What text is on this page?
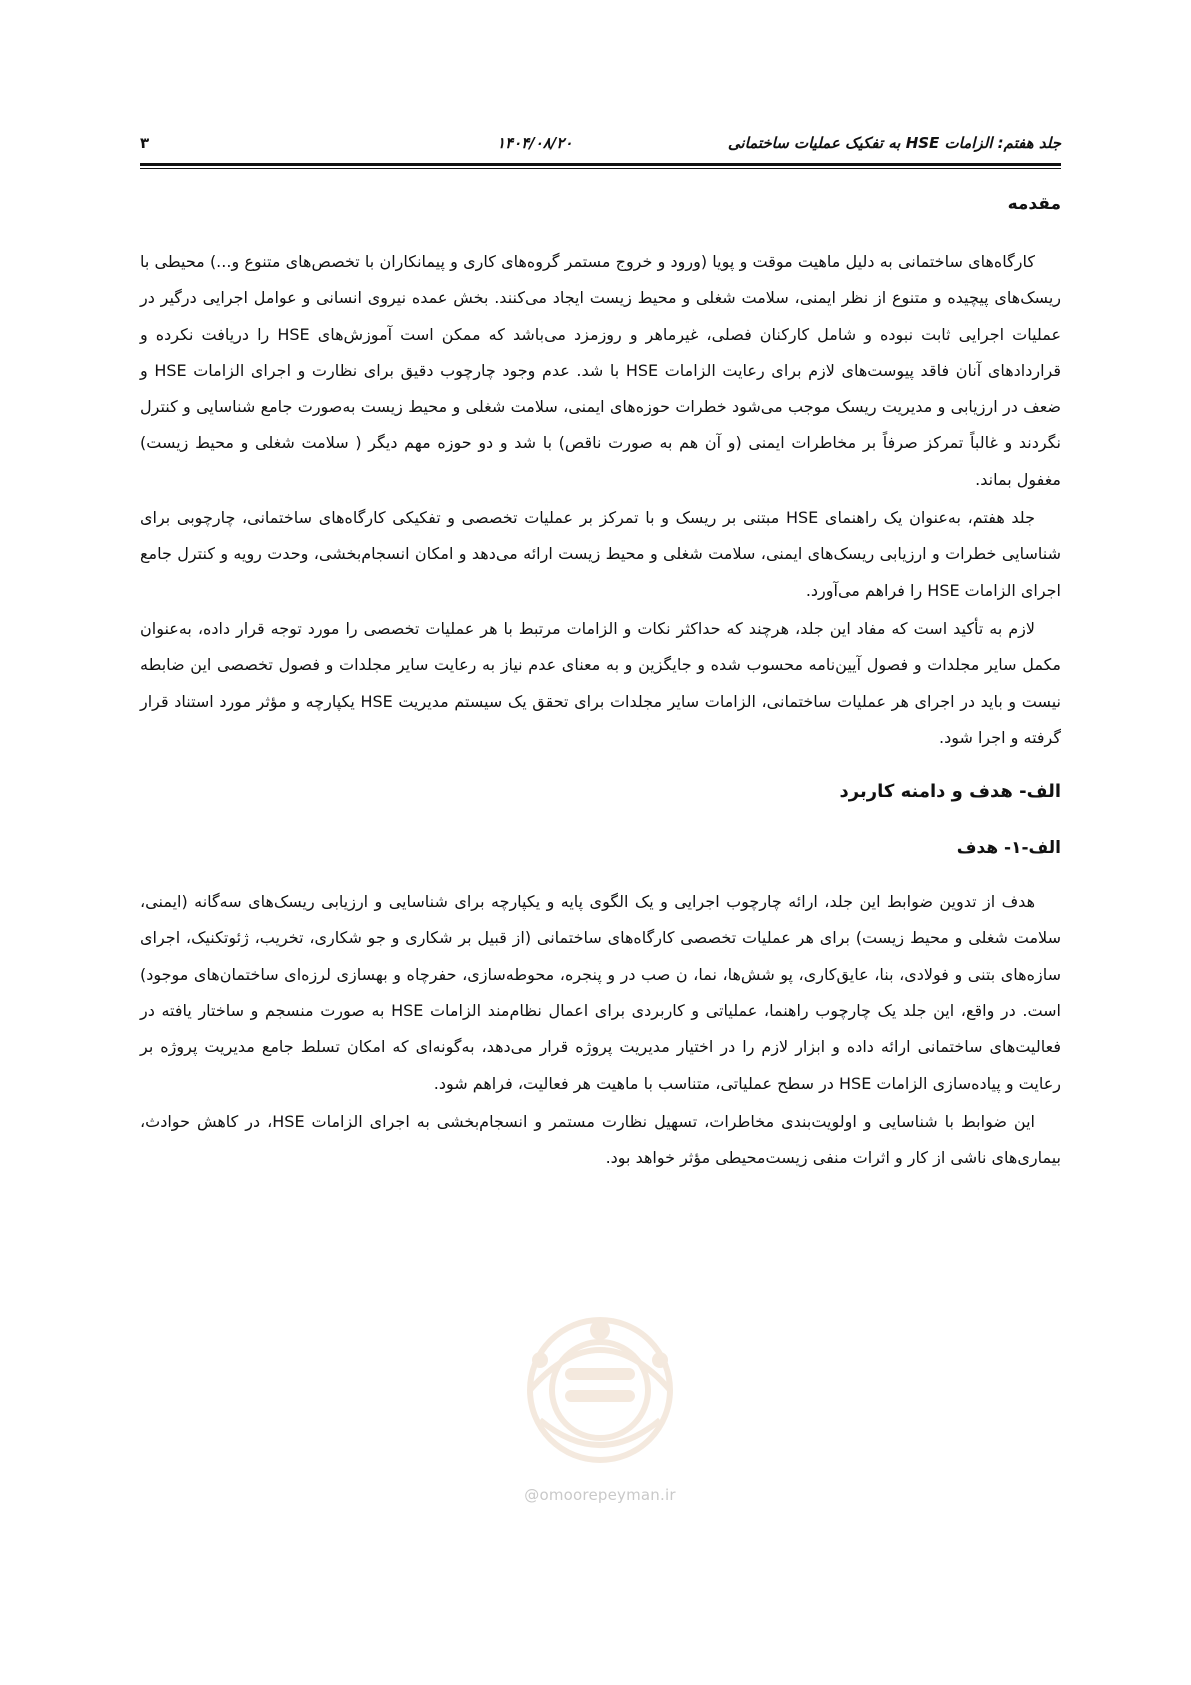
جلد هفتم: الزامات HSE به تفکیک عملیات ساختمانی
۱۴۰۴/۰۸/۲۰
۳
@omoorepeyman.ir
مقدمه

کارگاه‌های ساختمانی به دلیل ماهیت موقت و پویا (ورود و خروج مستمر گروه‌های کاری و پیمانکاران با تخصص‌های متنوع و...) محیطی با ریسک‌های پیچیده و متنوع از نظر ایمنی، سلامت شغلی و محیط زیست ایجاد می‌کنند. بخش عمده نیروی انسانی و عوامل اجرایی درگیر در عملیات اجرایی ثابت نبوده و شامل کارکنان فصلی، غیرماهر و روزمزد می‌باشد که ممکن است آموزش‌های HSE را دریافت نکرده و قراردادهای آنان فاقد پیوست‌های لازم برای رعایت الزامات HSE با شد. عدم وجود چارچوب دقیق برای نظارت و اجرای الزامات HSE و ضعف در ارزیابی و مدیریت ریسک موجب می‌شود خطرات حوزه‌های ایمنی، سلامت شغلی و محیط زیست به‌صورت جامع شناسایی و کنترل نگردند و غالباً تمرکز صرفاً بر مخاطرات ایمنی (و آن هم به صورت ناقص) با شد و دو حوزه مهم دیگر ( سلامت شغلی و محیط زیست) مغفول بماند.

جلد هفتم، به‌عنوان یک راهنمای HSE مبتنی بر ریسک و با تمرکز بر عملیات تخصصی و تفکیکی کارگاه‌های ساختمانی، چارچوبی برای شناسایی خطرات و ارزیابی ریسک‌های ایمنی، سلامت شغلی و محیط زیست ارائه می‌دهد و امکان انسجام‌بخشی، وحدت رویه و کنترل جامع اجرای الزامات HSE را فراهم می‌آورد.

لازم به تأکید است که مفاد این جلد، هرچند که حداکثر نکات و الزامات مرتبط با هر عملیات تخصصی را مورد توجه قرار داده، به‌عنوان مکمل سایر مجلدات و فصول آیین‌نامه محسوب شده و جایگزین و به معنای عدم نیاز به رعایت سایر مجلدات و فصول تخصصی این ضابطه نیست و باید در اجرای هر عملیات ساختمانی، الزامات سایر مجلدات برای تحقق یک سیستم مدیریت HSE یکپارچه و مؤثر مورد استناد قرار گرفته و اجرا شود.

الف- هدف و دامنه کاربرد
الف-۱- هدف

هدف از تدوین ضوابط این جلد، ارائه چارچوب اجرایی و یک الگوی پایه و یکپارچه برای شناسایی و ارزیابی ریسک‌های سه‌گانه (ایمنی، سلامت شغلی و محیط زیست) برای هر عملیات تخصصی کارگاه‌های ساختمانی (از قبیل بر شکاری و جو شکاری، تخریب، ژئوتکنیک، اجرای سازه‌های بتنی و فولادی، بنا، عایق‌کاری، پو شش‌ها، نما، ن صب در و پنجره، محوطه‌سازی، حفرچاه و بهسازی لرزه‌ای ساختمان‌های موجود) است. در واقع، این جلد یک چارچوب راهنما، عملیاتی و کاربردی برای اعمال نظام‌مند الزامات HSE به صورت منسجم و ساختار یافته در فعالیت‌های ساختمانی ارائه داده و ابزار لازم را در اختیار مدیریت پروژه قرار می‌دهد، به‌گونه‌ای که امکان تسلط جامع مدیریت پروژه بر رعایت و پیاده‌سازی الزامات HSE در سطح عملیاتی، متناسب با ماهیت هر فعالیت، فراهم شود.

این ضوابط با شناسایی و اولویت‌بندی مخاطرات، تسهیل نظارت مستمر و انسجام‌بخشی به اجرای الزامات HSE، در کاهش حوادث، بیماری‌های ناشی از کار و اثرات منفی زیست‌محیطی مؤثر خواهد بود.
